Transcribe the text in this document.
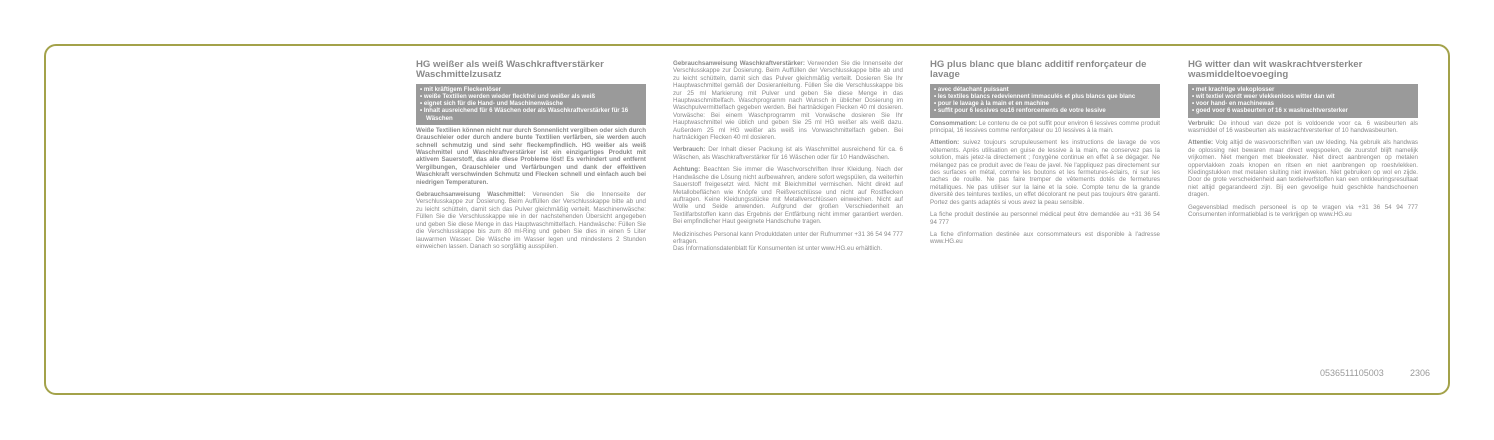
HG weißer als weiß Waschkraftverstärker Waschmittelzusatz
• mit kräftigem Fleckenlöser
• weiße Textilien werden wieder fleckfrei und weißer als weiß
• eignet sich für die Hand- und Maschinenwäsche
• Inhalt ausreichend für 6 Wäschen oder als Waschkraftverstärker für 16 Wäschen

Weiße Textilien können nicht nur durch Sonnenlicht vergilben oder sich durch Grauschleier oder durch andere bunte Textilien verfärben, sie werden auch schnell schmutzig und sind sehr fleckempfindlich. HG weißer als weiß Waschmittel und Waschkraftverstärker ist ein einzigartiges Produkt mit aktivem Sauerstoff, das alle diese Probleme löst! Es verhindert und entfernt Vergilbungen, Grauschleier und Verfärbungen und dank der effektiven Waschkraft verschwinden Schmutz und Flecken schnell und einfach auch bei niedrigen Temperaturen.

Gebrauchsanweisung Waschmittel: Verwenden Sie die Innenseite der Verschlusskappe zur Dosierung. Beim Auffüllen der Verschlusskappe bitte ab und zu leicht schütteln, damit sich das Pulver gleichmäßig verteilt. Maschinenwäsche: Füllen Sie die Verschlusskappe wie in der nachstehenden Übersicht angegeben und geben Sie diese Menge in das Hauptwaschmittelfach. Handwäsche: Füllen Sie die Verschlusskappe bis zum 80 ml-Ring und geben Sie dies in einen 5 Liter lauwarmen Wasser. Die Wäsche im Wasser legen und mindestens 2 Stunden einweichen lassen. Danach so sorgfältig ausspülen.

Gebrauchsanweisung Waschkraftverstärker: Verwenden Sie die Innenseite der Verschlusskappe zur Dosierung. Beim Auffüllen der Verschlusskappe bitte ab und zu leicht schütteln, damit sich das Pulver gleichmäßig verteilt. Dosieren Sie Ihr Hauptwaschmittel gemäß der Dosieranleitung. Füllen Sie die Verschlusskappe bis zur 25 ml Markierung mit Pulver und geben Sie diese Menge in das Hauptwaschmittelfach. Waschprogramm nach Wunsch in üblicher Dosierung im Waschpulvermittelfach gegeben werden. Bei hartnäckigen Flecken 40 ml dosieren. Vorwäsche: Bei einem Waschprogramm mit Vorwäsche dosieren Sie Ihr Hauptwaschmittel wie üblich und geben Sie 25 ml HG weißer als weiß dazu. Außerdem 25 ml HG weißer als weiß ins Vorwaschmittelfach geben. Bei hartnäckigen Flecken 40 ml dosieren.

Verbrauch: Der Inhalt dieser Packung ist als Waschmittel ausreichend für ca. 6 Wäschen, als Waschkraftverstärker für 16 Wäschen oder für 10 Handwäschen.

Achtung: Beachten Sie immer die Waschvorschriften Ihrer Kleidung. Nach der Handwäsche die Lösung nicht aufbewahren, andere sofort wegspülen, da weiterhin Sauerstoff freigesetzt wird. Nicht mit Bleichmittel vermischen. Nicht direkt auf Metallobeflächen wie Knöpfe und Reißverschlüsse und nicht auf Rostflecken auftragen. Keine Kleidungsstücke mit Metallverschlüssen einweichen. Nicht auf Wolle und Seide anwenden. Aufgrund der großen Verschiedenheit an Textilfarbstoffen kann das Ergebnis der Entfärbung nicht immer garantiert werden. Bei empfindlicher Haut geeignete Handschuhe tragen.

Medizinisches Personal kann Produktdaten unter der Rufnummer +31 36 54 94 777 erfragen.

Das Informationsdatenblatt für Konsumenten ist unter www.HG.eu erhältlich.

HG plus blanc que blanc additif renforçateur de lavage
• avec détachant puissant
• les textiles blancs redeviennent immaculés et plus blancs que blanc
• pour le lavage à la main et en machine
• suffit pour 6 lessives ou16 renforcements de votre lessive

Consommation: Le contenu de ce pot suffit pour environ 6 lessives comme produit principal, 16 lessives comme renforçateur ou 10 lessives à la main.

Attention: suivez toujours scrupuleusement les instructions de lavage de vos vêtements. Après utilisation en guise de lessive à la main, ne conservez pas la solution, mais jetez-la directement ; l'oxygène continue en effet à se dégager. Ne mélangez pas ce produit avec de l'eau de javel. Ne l'appliquez pas directement sur des surfaces en métal, comme les boutons et les fermetures-éclairs, ni sur les taches de rouille. Ne pas faire tremper de vêtements dotés de fermetures métalliques. Ne pas utiliser sur la laine et la soie. Compte tenu de la grande diversité des teintures textiles, un effet décolorant ne peut pas toujours être garanti. Portez des gants adaptés si vous avez la peau sensible.

La fiche produit destinée au personnel médical peut être demandée au +31 36 54 94 777

La fiche d'information destinée aux consommateurs est disponible à l'adresse www.HG.eu

HG witter dan wit waskrachtversterker wasmiddeltoevoeging
• met krachtige vlekoplosser
• wit textiel wordt weer vlekkenloos witter dan wit
• voor hand- en machinewas
• goed voor 6 wasbeurten of 16 x waskrachtversterker

Verbruik: De inhoud van deze pot is voldoende voor ca. 6 wasbeurten als wasmiddel of 16 wasbeurten als waskrachtversterker of 10 handwasbeurten.

Attentie: Volg altijd de wasvoorschriften van uw kleding. Na gebruik als handwas de oplossing niet bewaren maar direct wegspoelen, de zuurstof blijft namelijk vrijkomen. Niet mengen met bleekwater. Niet direct aanbrengen op metalen oppervlakken zoals knopen en ritsen en niet aanbrengen op roestvlekken. Kledingstukken met metalen sluiting niet inweken. Niet gebruiken op wol en zijde. Door de grote verscheidenheid aan textielverfstoffen kan een ontkleuringsresultaat niet altijd gegarandeerd zijn. Bij een gevoelige huid geschikte handschoenen dragen.

Gegevensblad medisch personeel is op te vragen via +31 36 54 94 777 Consumenten informatieblad is te verkrijgen op www.HG.eu

0536511105003	2306
